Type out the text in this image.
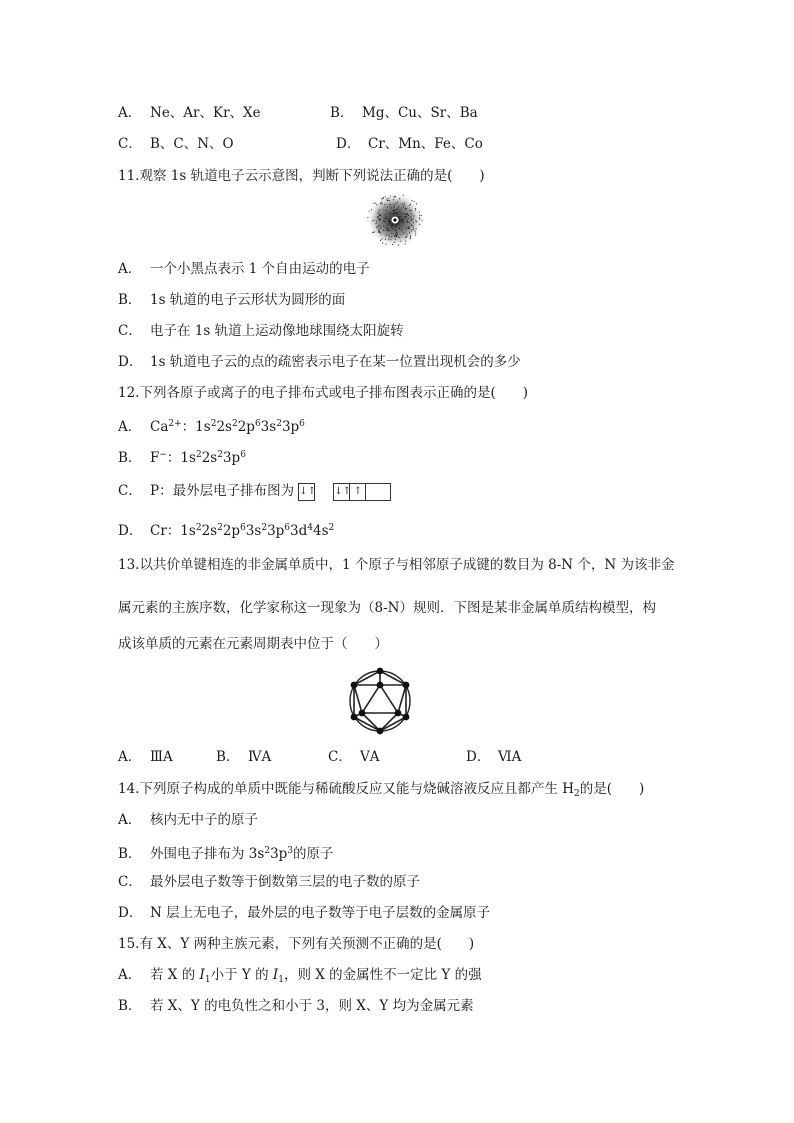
A． Ne、Ar、Kr、Xe	B． Mg、Cu、Sr、Ba
C． B、C、N、O	D． Cr、Mn、Fe、Co
11.观察 1s 轨道电子云示意图，判断下列说法正确的是(　　)
A． 一个小黑点表示 1 个自由运动的电子
B． 1s 轨道的电子云形状为圆形的面
C． 电子在 1s 轨道上运动像地球围绕太阳旋转
D． 1s 轨道电子云的点的疏密表示电子在某一位置出现机会的多少
12.下列各原子或离子的电子排布式或电子排布图表示正确的是(　　)
A． $Ca^{2+}$：$1s^22s^22p^63s^23p^6$
B． F−：$1s^22s^23p^6$
C． P：最外层电子排布图为 ↓↑ ↓↑ ↑
D． Cr：$1s^22s^22p^63s^23p^63d^44s^2$
13.以共价单键相连的非金属单质中，1 个原子与相邻原子成键的数目为 8-N 个，N 为该非金
属元素的主族序数，化学家称这一现象为（8-N）规则．下图是某非金属单质结构模型，构
成该单质的元素在元素周期表中位于（　　）
A． ⅢA	B． ⅣA	C． ⅤA	D． ⅥA
14.下列原子构成的单质中既能与稀硫酸反应又能与烧碱溶液反应且都产生 $H_2$的是(　　)
A． 核内无中子的原子
B． 外围电子排布为 $3s^23p^3$的原子
C． 最外层电子数等于倒数第三层的电子数的原子
D． N 层上无电子，最外层的电子数等于电子层数的金属原子
15.有 X、Y 两种主族元素，下列有关预测不正确的是(　　)
A． 若 X 的 $I_1$小于 Y 的 $I_1$，则 X 的金属性不一定比 Y 的强
B． 若 X、Y 的电负性之和小于 3，则 X、Y 均为金属元素
